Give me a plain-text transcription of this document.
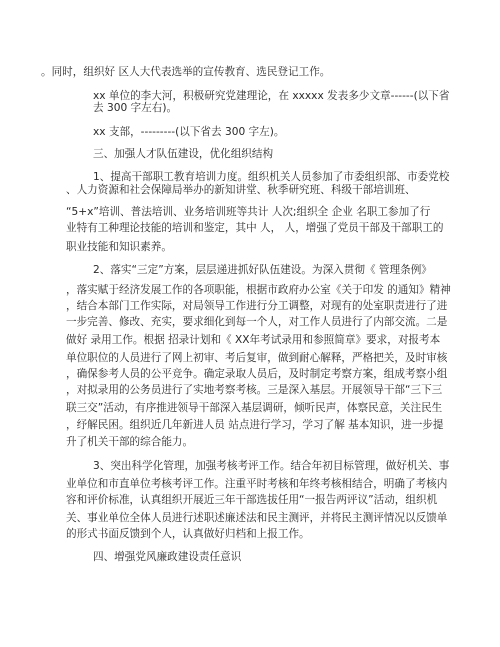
。同时，组织好 区人大代表选举的宣传教育、选民登记工作。
xx 单位的李大河，积极研究党建理论，在 xxxxx 发表多少文章------(以下省
去 300 字左右)。
xx 支部，---------(以下省去 300 字左)。
三、加强人才队伍建设，优化组织结构
1、提高干部职工教育培训力度。组织机关人员参加了市委组织部、市委党校
、人力资源和社会保障局举办的新知讲堂、秋季研究班、科级干部培训班、
“5+x”培训、普法培训、业务培训班等共计 人次;组织全 企业 名职工参加了行
业特有工种理论技能的培训和鉴定，其中 人， 人，增强了党员干部及干部职工的
职业技能和知识素养。
2、落实“三定”方案，层层递进抓好队伍建设。为深入贯彻《 管理条例》
，落实赋于经济发展工作的各项职能，根据市政府办公室《关于印发 的通知》精神
，结合本部门工作实际，对局领导工作进行分工调整，对现有的处室职责进行了进
一步完善、修改、充实，要求细化到每一个人，对工作人员进行了内部交流。二是
做好 录用工作。根据 招录计划和《 XX年考试录用和参照简章》要求，对报考本
单位职位的人员进行了网上初审、考后复审，做到耐心解释，严格把关，及时审核
，确保参考人员的公平竞争。确定录取人员后，及时制定考察方案，组成考察小组
，对拟录用的公务员进行了实地考察考核。三是深入基层。开展领导干部“三下三
联三交”活动，有序推进领导干部深入基层调研，倾听民声，体察民意，关注民生
，纾解民困。组织近几年新进人员 站点进行学习，学习了解 基本知识，进一步提
升了机关干部的综合能力。
3、突出科学化管理，加强考核考评工作。结合年初目标管理，做好机关、事
业单位和市直单位考核考评工作。注重平时考核和年终考核相结合，明确了考核内
容和评价标准，认真组织开展近三年干部选拔任用“一报告两评议”活动，组织机
关、事业单位全体人员进行述职述廉述法和民主测评，并将民主测评情况以反馈单
的形式书面反馈到个人，认真做好归档和上报工作。
四、增强党风廉政建设责任意识
